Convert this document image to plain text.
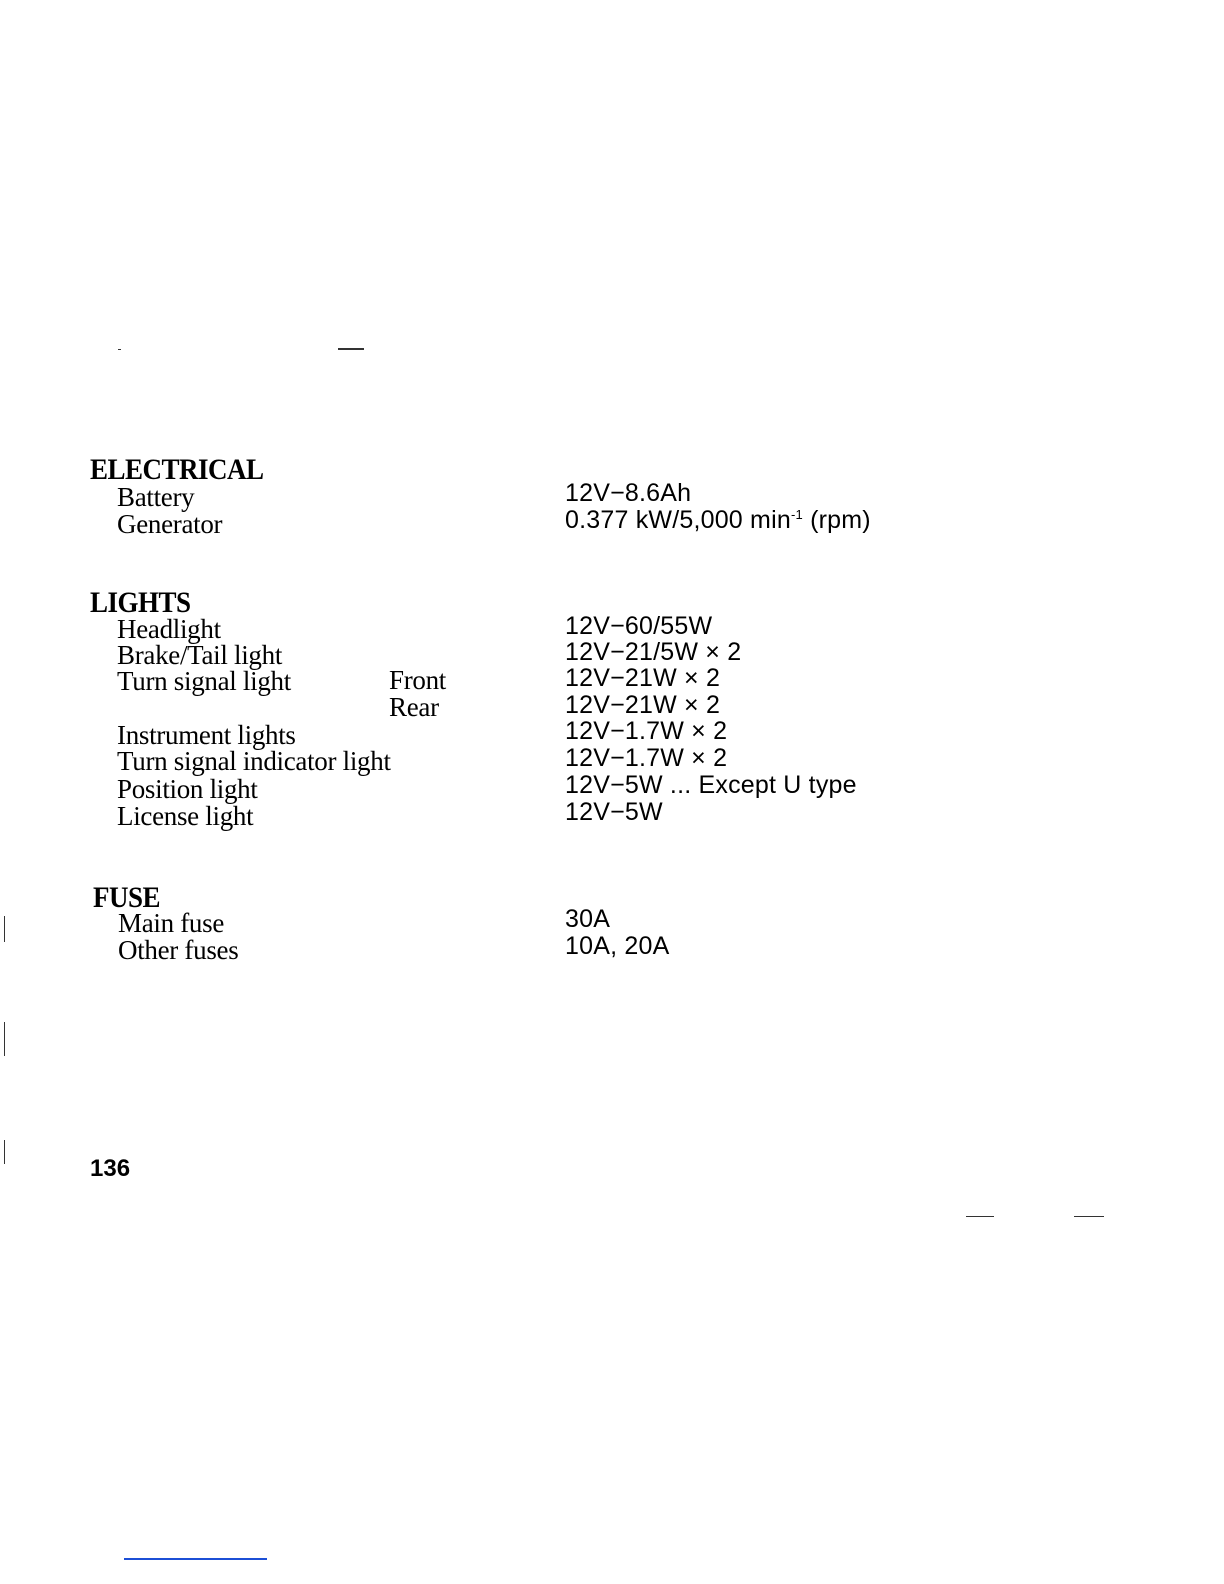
ELECTRICAL
Battery	12V−8.6Ah
Generator	0.377 kW/5,000 $\min^{-1} (rpm)$
LIGHTS
Headlight	12V−60/55W
Brake/Tail light	12V−21/5W × 2
Turn signal light	Front	12V−21W × 2
Rear	12V−21W × 2
Instrument lights	12V−1.7W × 2
Turn signal indicator light	12V−1.7W × 2
Position light	12V−5W ... Except U type
License light	12V−5W
FUSE
Main fuse	30A
Other fuses	10A, 20A
136
